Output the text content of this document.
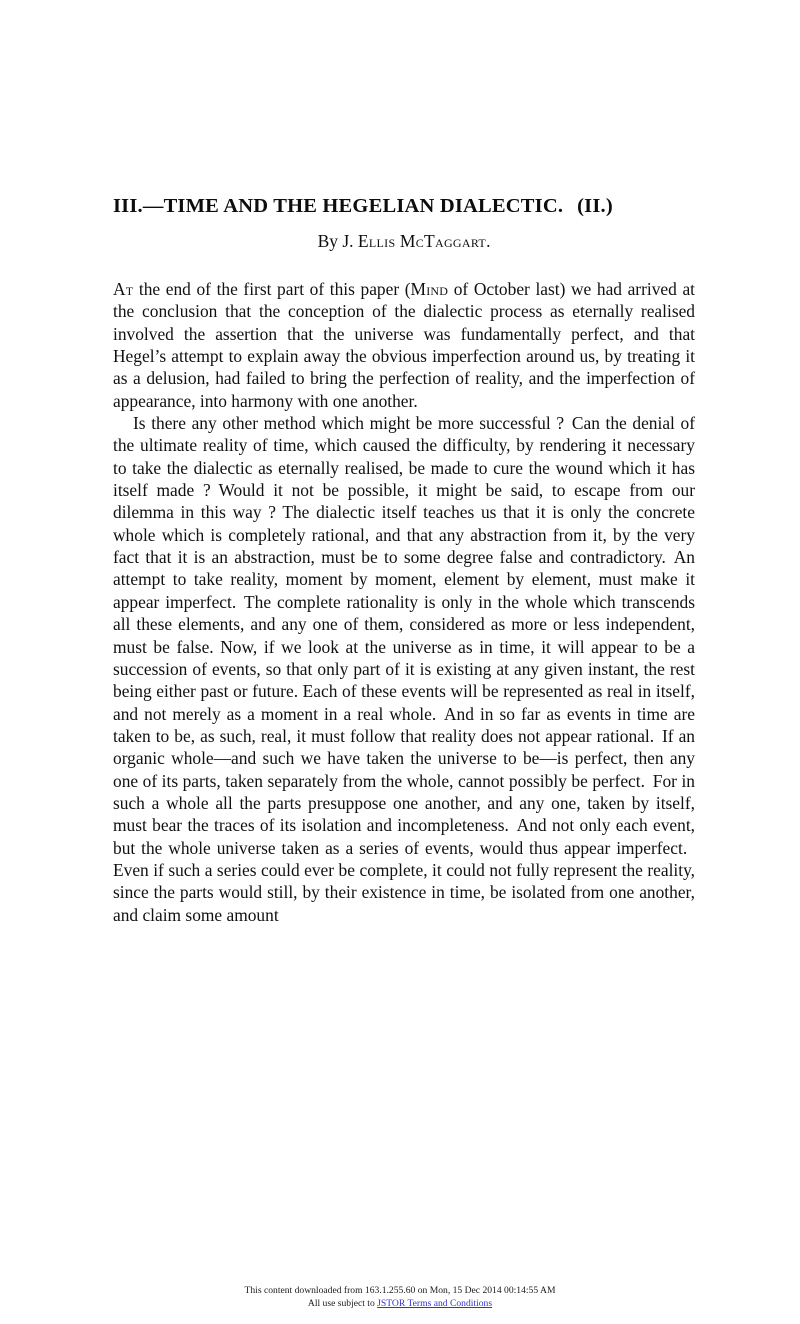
III.—TIME AND THE HEGELIAN DIALECTIC. (II.)
By J. Ellis McTaggart.

At the end of the first part of this paper (Mind of October last) we had arrived at the conclusion that the conception of the dialectic process as eternally realised involved the assertion that the universe was fundamentally perfect, and that Hegel’s attempt to explain away the obvious imperfection around us, by treating it as a delusion, had failed to bring the perfection of reality, and the imperfection of appearance, into harmony with one another.

Is there any other method which might be more successful ? Can the denial of the ultimate reality of time, which caused the difficulty, by rendering it necessary to take the dialectic as eternally realised, be made to cure the wound which it has itself made ? Would it not be possible, it might be said, to escape from our dilemma in this way ? The dialectic itself teaches us that it is only the concrete whole which is completely rational, and that any abstraction from it, by the very fact that it is an abstraction, must be to some degree false and contradictory. An attempt to take reality, moment by moment, element by element, must make it appear imperfect. The complete rationality is only in the whole which transcends all these elements, and any one of them, considered as more or less independent, must be false. Now, if we look at the universe as in time, it will appear to be a succession of events, so that only part of it is existing at any given instant, the rest being either past or future. Each of these events will be represented as real in itself, and not merely as a moment in a real whole. And in so far as events in time are taken to be, as such, real, it must follow that reality does not appear rational. If an organic whole—and such we have taken the universe to be—is perfect, then any one of its parts, taken separately from the whole, cannot possibly be perfect. For in such a whole all the parts presuppose one another, and any one, taken by itself, must bear the traces of its isolation and incompleteness. And not only each event, but the whole universe taken as a series of events, would thus appear imperfect.Even if such a series could ever be complete, it could not fully represent the reality, since the parts would still, by their existence in time, be isolated from one another, and claim some amount

This content downloaded from 163.1.255.60 on Mon, 15 Dec 2014 00:14:55 AM
All use subject to JSTOR Terms and Conditions
